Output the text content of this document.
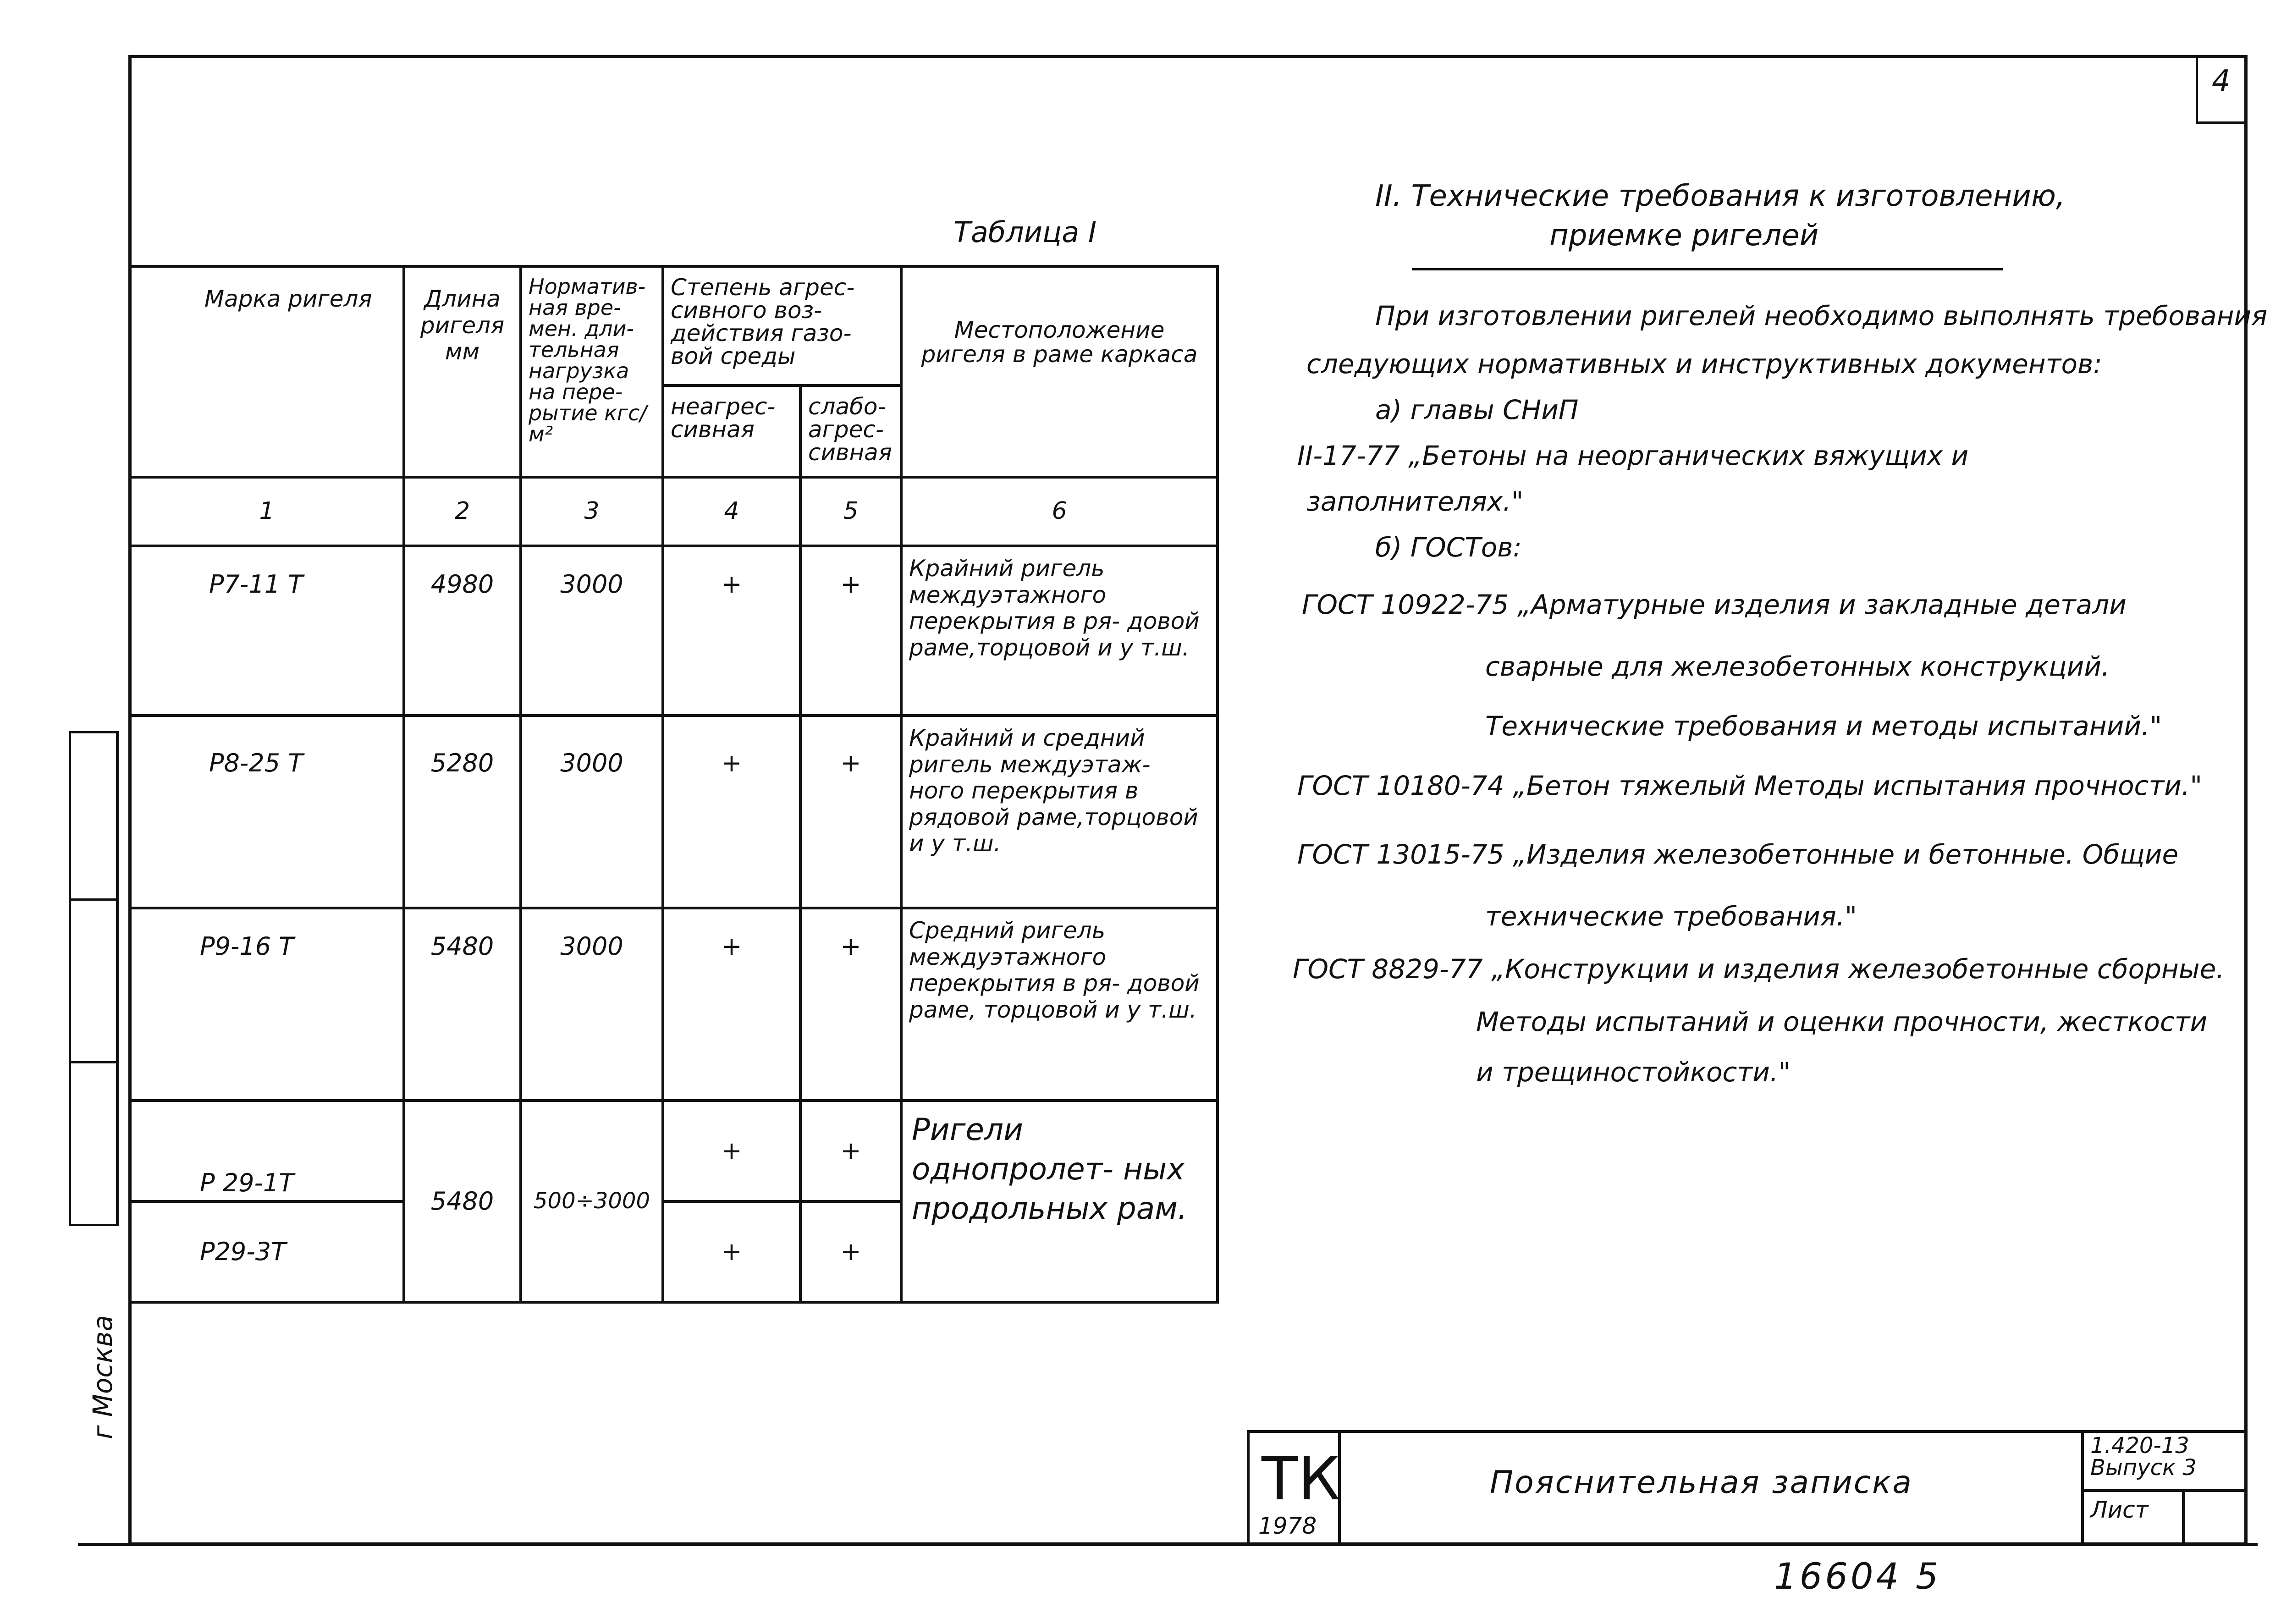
г Москва
4
Таблица I
Марка ригеля	Длина ригеля мм	Норматив- ная вре- мен. дли- тельная нагрузка на пере- рытие кгс/м²	Степень агрес- сивного воз- действия газо- вой среды		Местоположение ригеля в раме каркаса
			неагрес- сивная	слабо- агрес- сивная	
1	2	3	4	5	6
Р7-11 Т	4980	3000	+	+	Крайний ригель междуэтажного перекрытия в ря- довой раме,торцовой и у т.ш.
Р8-25 Т	5280	3000	+	+	Крайний и средний ригель междуэтаж- ного перекрытия в рядовой раме,торцовой и у т.ш.
Р9-16 Т	5480	3000	+	+	Средний ригель междуэтажного перекрытия в ря- довой раме, торцовой и у т.ш.
Р 29-1Т	5480	500÷3000	+	+	Ригели однопролет- ных продольных рам.
Р29-3Т			+	+	
II. Технические требования к изготовлению,
приемке ригелей
При изготовлении ригелей необходимо выполнять требования
следующих нормативных и инструктивных документов:
а) главы СНиП
II-17-77 „Бетоны на неорганических вяжущих и
заполнителях."
б) ГОСТов:
ГОСТ 10922-75 „Арматурные изделия и закладные детали
сварные для железобетонных конструкций.
Технические требования и методы испытаний."
ГОСТ 10180-74 „Бетон тяжелый Методы испытания прочности."
ГОСТ 13015-75 „Изделия железобетонные и бетонные. Общие
технические требования."
ГОСТ 8829-77 „Конструкции и изделия железобетонные сборные.
Методы испытаний и оценки прочности, жесткости
и трещиностойкости."
ТК
1978
Пояснительная записка
1.420-13
Выпуск 3
Лист
16604 5
